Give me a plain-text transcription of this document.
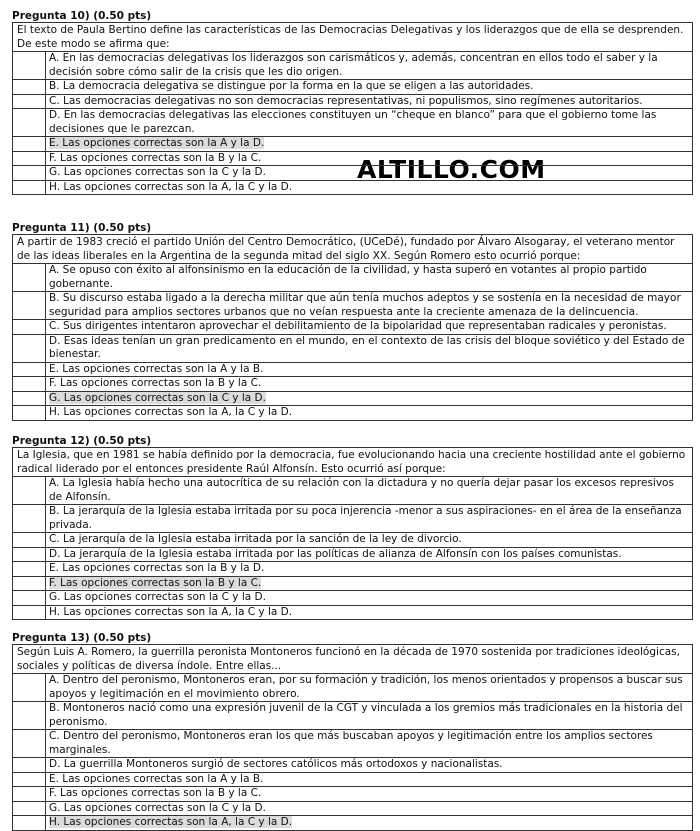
ALTILLO.COM
Pregunta 10) (0.50 pts)
El texto de Paula Bertino define las características de las Democracias Delegativas y los liderazgos que de ella se desprenden. De este modo se afirma que:
A. En las democracias delegativas los liderazgos son carismáticos y, además, concentran en ellos todo el saber y la decisión sobre cómo salir de la crisis que les dio origen.
B. La democracia delegativa se distingue por la forma en la que se eligen a las autoridades.
C. Las democracias delegativas no son democracias representativas, ni populismos, sino regímenes autoritarios.
D. En las democracias delegativas las elecciones constituyen un “cheque en blanco” para que el gobierno tome las decisiones que le parezcan.
E. Las opciones correctas son la A y la D.
F. Las opciones correctas son la B y la C.
G. Las opciones correctas son la C y la D.
H. Las opciones correctas son la A, la C y la D.
Pregunta 11) (0.50 pts)
A partir de 1983 creció el partido Unión del Centro Democrático, (UCeDé), fundado por Álvaro Alsogaray, el veterano mentor de las ideas liberales en la Argentina de la segunda mitad del siglo XX. Según Romero esto ocurrió porque:
A. Se opuso con éxito al alfonsinismo en la educación de la civilidad, y hasta superó en votantes al propio partido gobernante.
B. Su discurso estaba ligado a la derecha militar que aún tenía muchos adeptos y se sostenía en la necesidad de mayor seguridad para amplios sectores urbanos que no veían respuesta ante la creciente amenaza de la delincuencia.
C. Sus dirigentes intentaron aprovechar el debilitamiento de la bipolaridad que representaban radicales y peronistas.
D. Esas ideas tenían un gran predicamento en el mundo, en el contexto de las crisis del bloque soviético y del Estado de bienestar.
E. Las opciones correctas son la A y la B.
F. Las opciones correctas son la B y la C.
G. Las opciones correctas son la C y la D.
H. Las opciones correctas son la A, la C y la D.
Pregunta 12) (0.50 pts)
La Iglesia, que en 1981 se había definido por la democracia, fue evolucionando hacia una creciente hostilidad ante el gobierno radical liderado por el entonces presidente Raúl Alfonsín. Esto ocurrió así porque:
A. La Iglesia había hecho una autocrítica de su relación con la dictadura y no quería dejar pasar los excesos represivos de Alfonsín.
B. La jerarquía de la Iglesia estaba irritada por su poca injerencia -menor a sus aspiraciones- en el área de la enseñanza privada.
C. La jerarquía de la Iglesia estaba irritada por la sanción de la ley de divorcio.
D. La jerarquía de la Iglesia estaba irritada por las políticas de alianza de Alfonsín con los países comunistas.
E. Las opciones correctas son la B y la D.
F. Las opciones correctas son la B y la C.
G. Las opciones correctas son la C y la D.
H. Las opciones correctas son la A, la C y la D.
Pregunta 13) (0.50 pts)
Según Luis A. Romero, la guerrilla peronista Montoneros funcionó en la década de 1970 sostenida por tradiciones ideológicas, sociales y políticas de diversa índole. Entre ellas...
A. Dentro del peronismo, Montoneros eran, por su formación y tradición, los menos orientados y propensos a buscar sus apoyos y legitimación en el movimiento obrero.
B. Montoneros nació como una expresión juvenil de la CGT y vinculada a los gremios más tradicionales en la historia del peronismo.
C. Dentro del peronismo, Montoneros eran los que más buscaban apoyos y legitimación entre los amplios sectores marginales.
D. La guerrilla Montoneros surgió de sectores católicos más ortodoxos y nacionalistas.
E. Las opciones correctas son la A y la B.
F. Las opciones correctas son la B y la C.
G. Las opciones correctas son la C y la D.
H. Las opciones correctas son la A, la C y la D.
